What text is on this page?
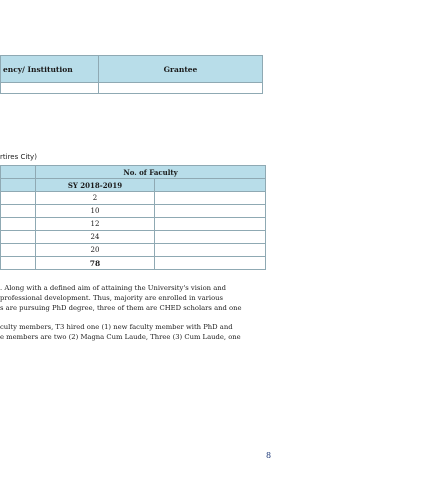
ency/ Institution	Grantee

rtires City)
	No. of Faculty	
	SY 2018-2019	
	2	
	10	
	12	
	24	
	20	
	78	
. Along with a defined aim of attaining the University's vision and
professional development. Thus, majority are enrolled in various
s are pursuing PhD degree, three of them are CHED scholars and one
culty members, T3 hired one (1) new faculty member with PhD and
e members are two (2) Magna Cum Laude, Three (3) Cum Laude, one
8
